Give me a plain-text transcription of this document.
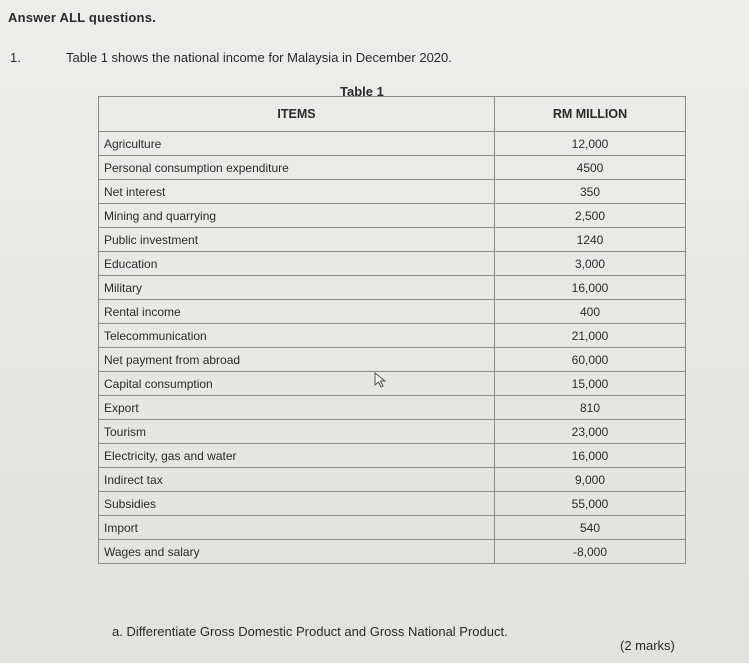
Answer ALL questions.
1.	Table 1 shows the national income for Malaysia in December 2020.
Table 1
ITEMS	RM MILLION
Agriculture	12,000
Personal consumption expenditure	4500
Net interest	350
Mining and quarrying	2,500
Public investment	1240
Education	3,000
Military	16,000
Rental income	400
Telecommunication	21,000
Net payment from abroad	60,000
Capital consumption	15,000
Export	810
Tourism	23,000
Electricity, gas and water	16,000
Indirect tax	9,000
Subsidies	55,000
Import	540
Wages and salary	-8,000
a. Differentiate Gross Domestic Product and Gross National Product.
(2 marks)
